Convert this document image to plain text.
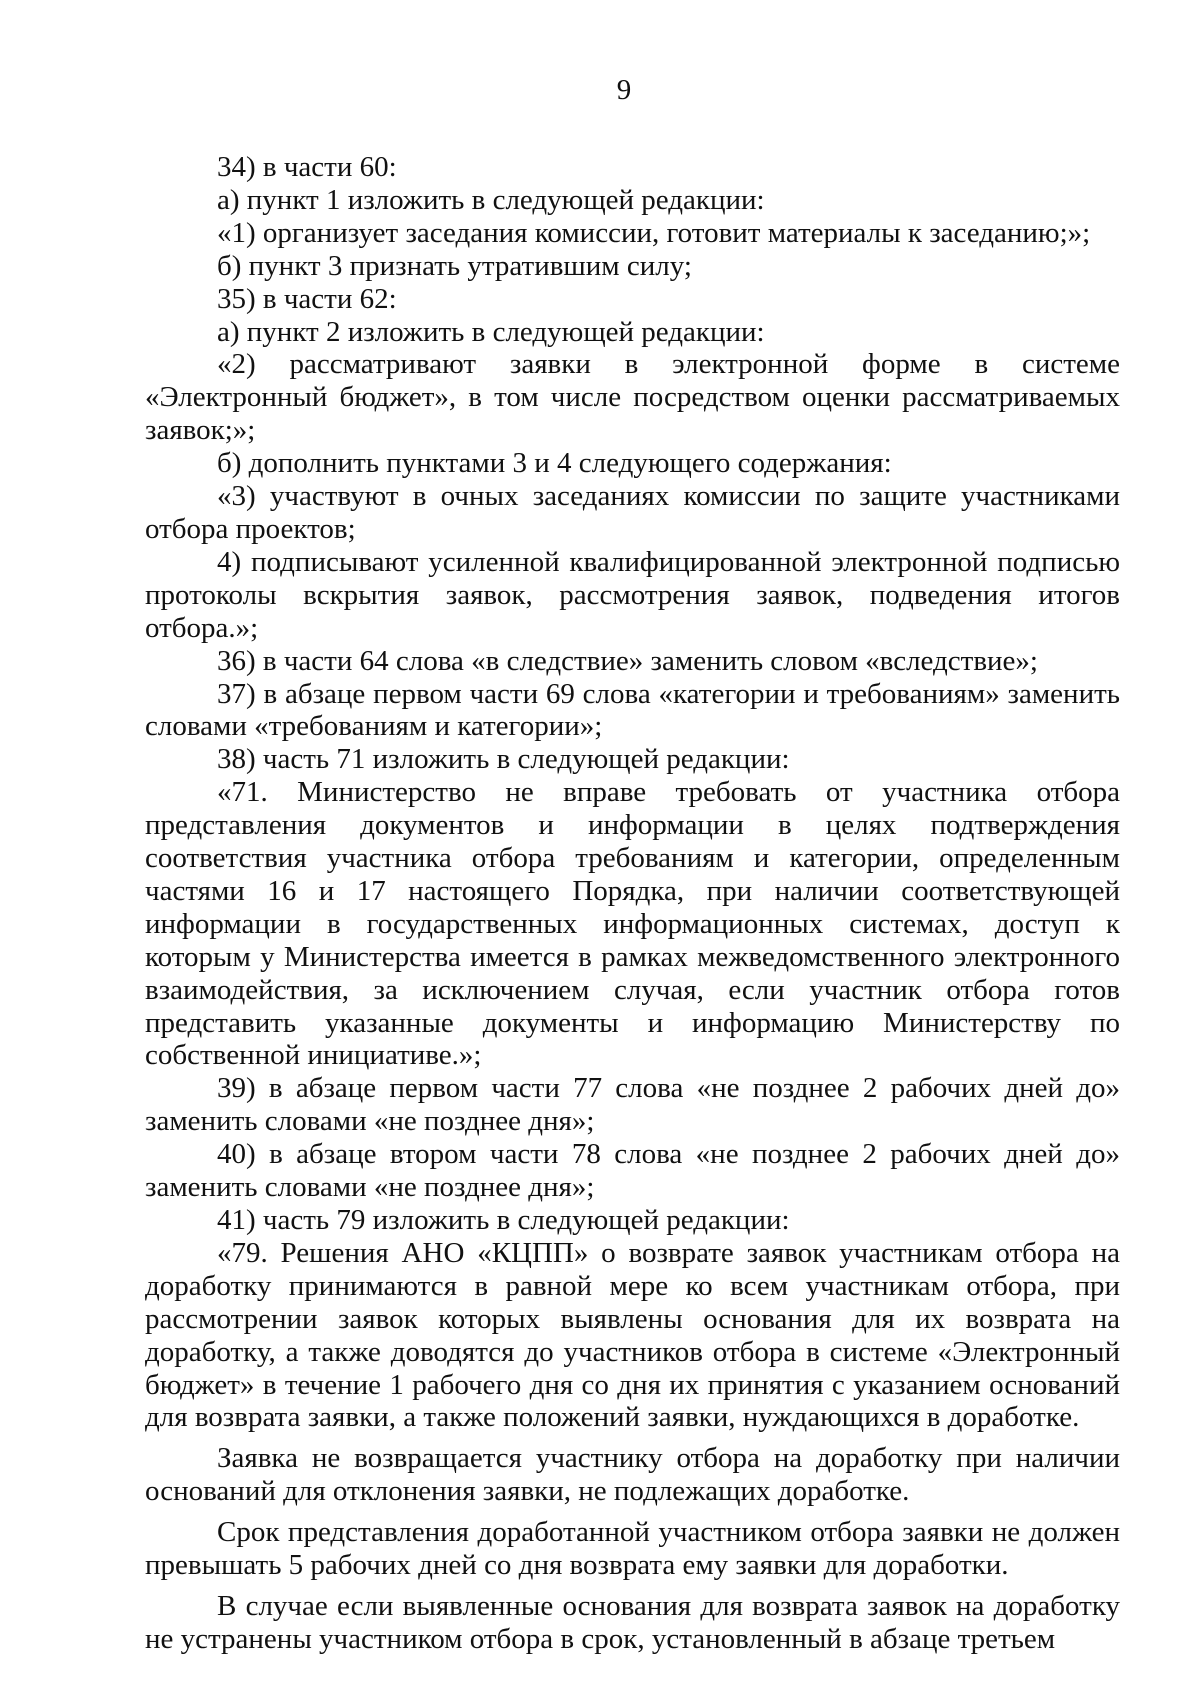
9

34) в части 60:

а) пункт 1 изложить в следующей редакции:

«1) организует заседания комиссии, готовит материалы к заседанию;»;

б) пункт 3 признать утратившим силу;

35) в части 62:

а) пункт 2 изложить в следующей редакции:

«2) рассматривают заявки в электронной форме в системе «Электронный бюджет», в том числе посредством оценки рассматриваемых заявок;»;

б) дополнить пунктами 3 и 4 следующего содержания:

«3) участвуют в очных заседаниях комиссии по защите участниками отбора проектов;

4) подписывают усиленной квалифицированной электронной подписью протоколы вскрытия заявок, рассмотрения заявок, подведения итогов отбора.»;

36) в части 64 слова «в следствие» заменить словом «вследствие»;

37) в абзаце первом части 69 слова «категории и требованиям» заменить словами «требованиям и категории»;

38) часть 71 изложить в следующей редакции:

«71. Министерство не вправе требовать от участника отбора представления документов и информации в целях подтверждения соответствия участника отбора требованиям и категории, определенным частями 16 и 17 настоящего Порядка, при наличии соответствующей информации в государственных информационных системах, доступ к которым у Министерства имеется в рамках межведомственного электронного взаимодействия, за исключением случая, если участник отбора готов представить указанные документы и информацию Министерству по собственной инициативе.»;

39) в абзаце первом части 77 слова «не позднее 2 рабочих дней до» заменить словами «не позднее дня»;

40) в абзаце втором части 78 слова «не позднее 2 рабочих дней до» заменить словами «не позднее дня»;

41) часть 79 изложить в следующей редакции:

«79. Решения АНО «КЦПП» о возврате заявок участникам отбора на доработку принимаются в равной мере ко всем участникам отбора, при рассмотрении заявок которых выявлены основания для их возврата на доработку, а также доводятся до участников отбора в системе «Электронный бюджет» в течение 1 рабочего дня со дня их принятия с указанием оснований для возврата заявки, а также положений заявки, нуждающихся в доработке.

Заявка не возвращается участнику отбора на доработку при наличии оснований для отклонения заявки, не подлежащих доработке.

Срок представления доработанной участником отбора заявки не должен превышать 5 рабочих дней со дня возврата ему заявки для доработки.

В случае если выявленные основания для возврата заявок на доработку не устранены участником отбора в срок, установленный в абзаце третьем
